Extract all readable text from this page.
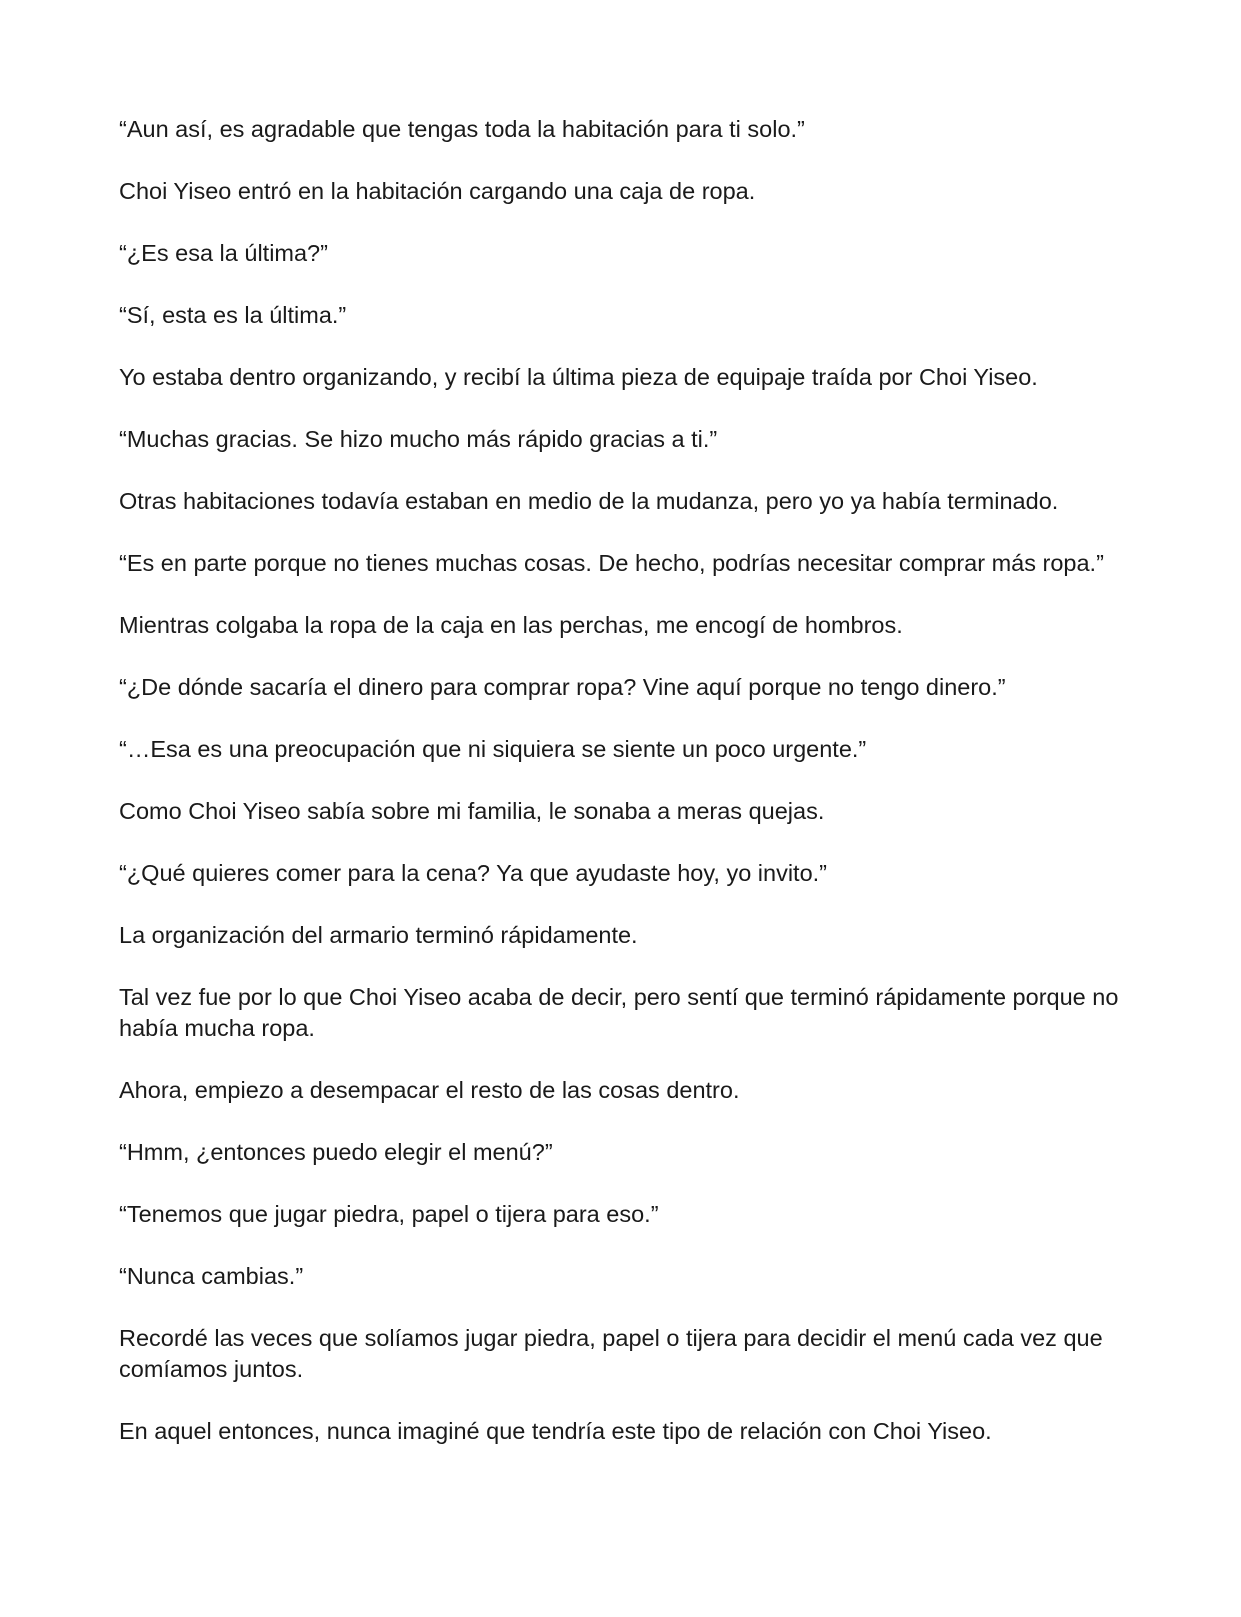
“Aun así, es agradable que tengas toda la habitación para ti solo.”

Choi Yiseo entró en la habitación cargando una caja de ropa.

“¿Es esa la última?”

“Sí, esta es la última.”

Yo estaba dentro organizando, y recibí la última pieza de equipaje traída por Choi Yiseo.

“Muchas gracias. Se hizo mucho más rápido gracias a ti.”

Otras habitaciones todavía estaban en medio de la mudanza, pero yo ya había terminado.

“Es en parte porque no tienes muchas cosas. De hecho, podrías necesitar comprar más ropa.”

Mientras colgaba la ropa de la caja en las perchas, me encogí de hombros.

“¿De dónde sacaría el dinero para comprar ropa? Vine aquí porque no tengo dinero.”

“…Esa es una preocupación que ni siquiera se siente un poco urgente.”

Como Choi Yiseo sabía sobre mi familia, le sonaba a meras quejas.

“¿Qué quieres comer para la cena? Ya que ayudaste hoy, yo invito.”

La organización del armario terminó rápidamente.

Tal vez fue por lo que Choi Yiseo acaba de decir, pero sentí que terminó rápidamente porque no había mucha ropa.

Ahora, empiezo a desempacar el resto de las cosas dentro.

“Hmm, ¿entonces puedo elegir el menú?”

“Tenemos que jugar piedra, papel o tijera para eso.”

“Nunca cambias.”

Recordé las veces que solíamos jugar piedra, papel o tijera para decidir el menú cada vez que comíamos juntos.

En aquel entonces, nunca imaginé que tendría este tipo de relación con Choi Yiseo.
